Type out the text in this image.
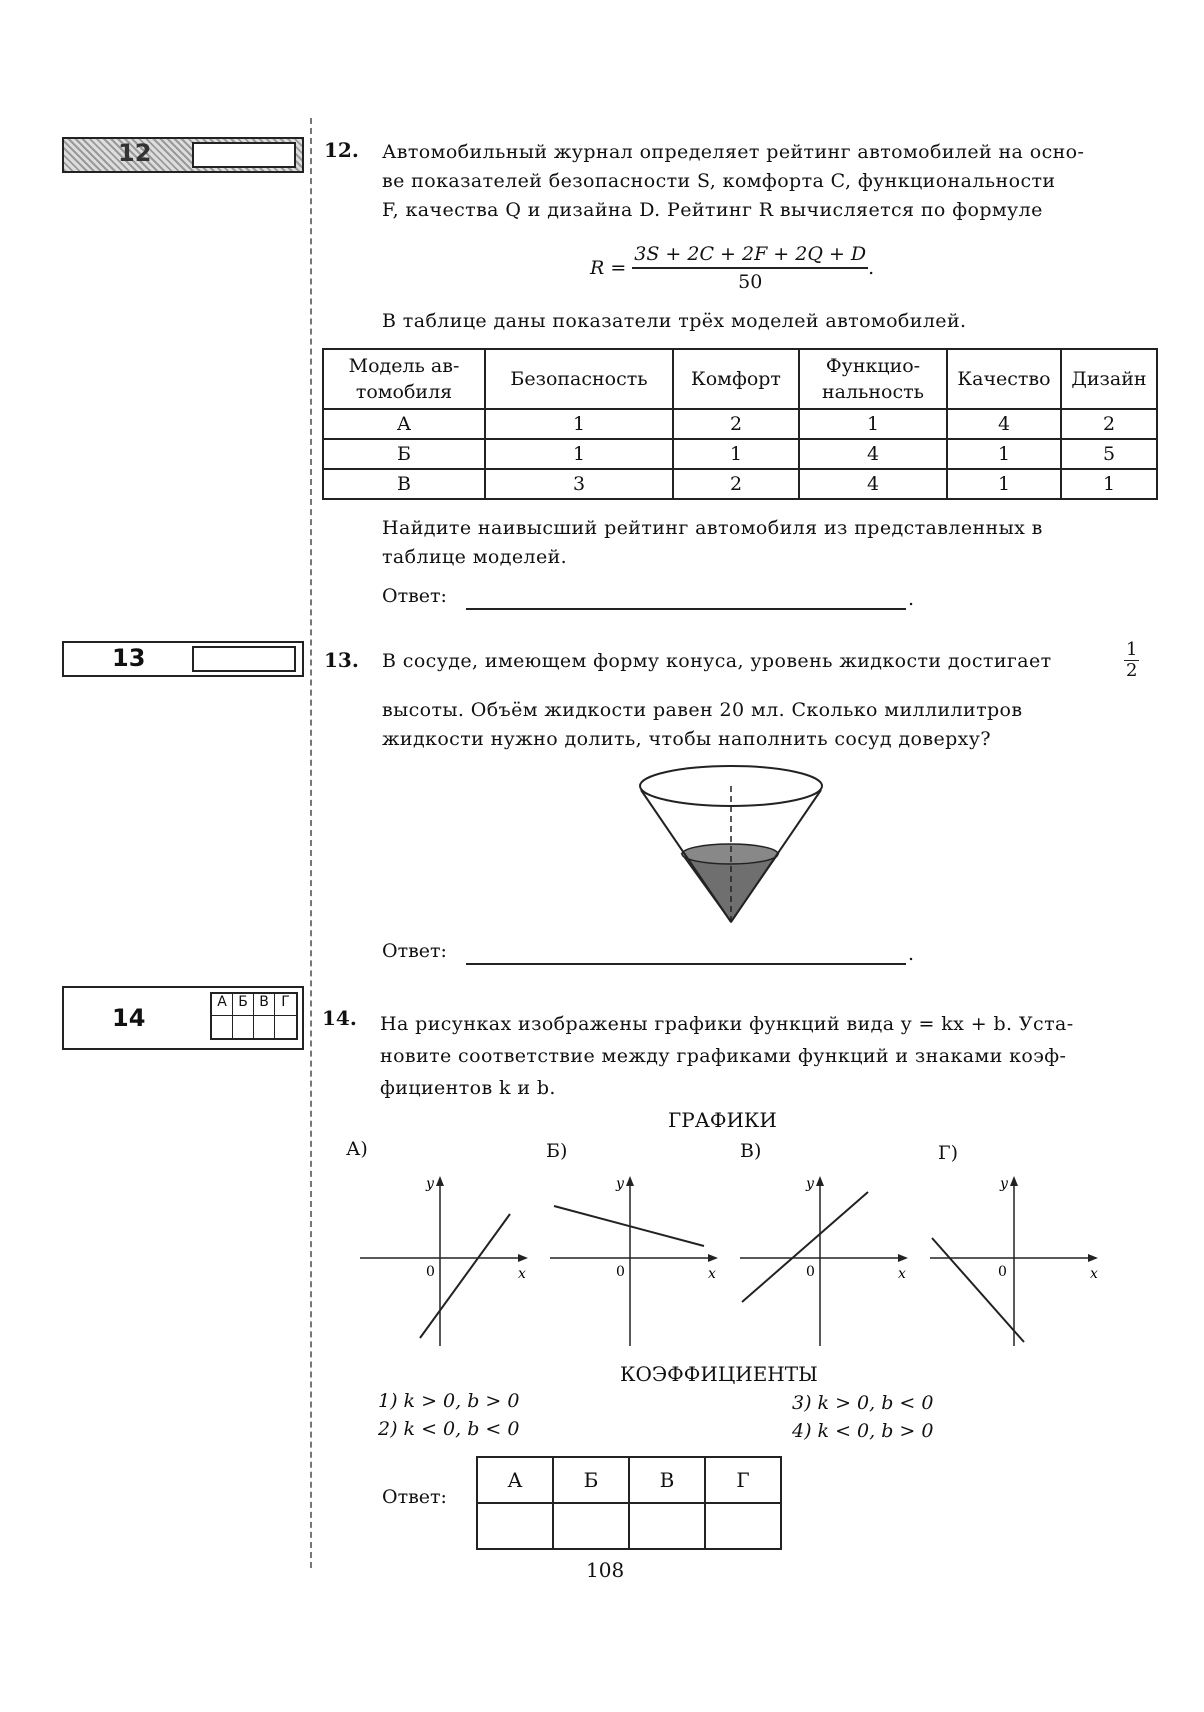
12
13
14
А Б В Г
12. Автомобильный журнал определяет рейтинг автомобилей на осно-
ве показателей безопасности S, комфорта C, функциональности
F, качества Q и дизайна D. Рейтинг R вычисляется по формуле
$R = \frac{3S + 2C + 2F + 2Q + D}{50}$ .
В таблице даны показатели трёх моделей автомобилей.
Модель ав-томобиля	Безопасность	Комфорт	Функцио-нальность	Качество	Дизайн
А	1	2	1	4	2
Б	1	1	4	1	5
В	3	2	4	1	1
Найдите наивысший рейтинг автомобиля из представленных в
таблице моделей.
Ответ:	.
13. В сосуде, имеющем форму конуса, уровень жидкости достигает	$\frac{1}{2}$
высоты. Объём жидкости равен 20 мл. Сколько миллилитров
жидкости нужно долить, чтобы наполнить сосуд доверху?
Ответ:	.
14. На рисунках изображены графики функций вида y = kx + b. Уста-
новите соответствие между графиками функций и знаками коэф-
фициентов k и b.
ГРАФИКИ
А)	Б)	В)	Г)
y
x
0
y
x
0
y
x
0
y
x
0
КОЭФФИЦИЕНТЫ
1) k > 0, b > 0
2) k < 0, b < 0
3) k > 0, b < 0
4) k < 0, b > 0
Ответ:
А	Б	В	Г

108
